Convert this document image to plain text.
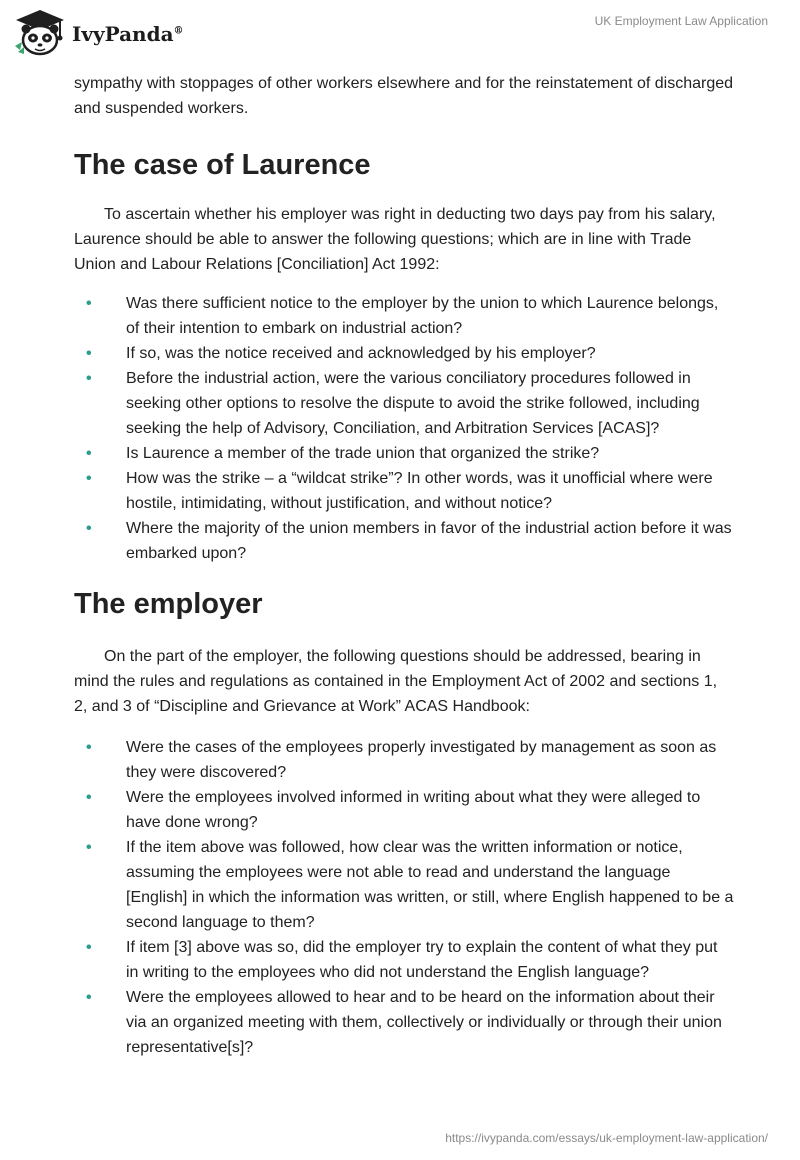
IvyPanda®
UK Employment Law Application

sympathy with stoppages of other workers elsewhere and for the reinstatement of discharged and suspended workers.

The case of Laurence

To ascertain whether his employer was right in deducting two days pay from his salary, Laurence should be able to answer the following questions; which are in line with Trade Union and Labour Relations [Conciliation] Act 1992:

• Was there sufficient notice to the employer by the union to which Laurence belongs, of their intention to embark on industrial action?
• If so, was the notice received and acknowledged by his employer?
• Before the industrial action, were the various conciliatory procedures followed in seeking other options to resolve the dispute to avoid the strike followed, including seeking the help of Advisory, Conciliation, and Arbitration Services [ACAS]?
• Is Laurence a member of the trade union that organized the strike?
• How was the strike – a “wildcat strike”? In other words, was it unofficial where were hostile, intimidating, without justification, and without notice?
• Where the majority of the union members in favor of the industrial action before it was embarked upon?
The employer

On the part of the employer, the following questions should be addressed, bearing in mind the rules and regulations as contained in the Employment Act of 2002 and sections 1, 2, and 3 of “Discipline and Grievance at Work” ACAS Handbook:

• Were the cases of the employees properly investigated by management as soon as they were discovered?
• Were the employees involved informed in writing about what they were alleged to have done wrong?
• If the item above was followed, how clear was the written information or notice, assuming the employees were not able to read and understand the language [English] in which the information was written, or still, where English happened to be a second language to them?
• If item [3] above was so, did the employer try to explain the content of what they put in writing to the employees who did not understand the English language?
• Were the employees allowed to hear and to be heard on the information about their via an organized meeting with them, collectively or individually or through their union representative[s]?
https://ivypanda.com/essays/uk-employment-law-application/
